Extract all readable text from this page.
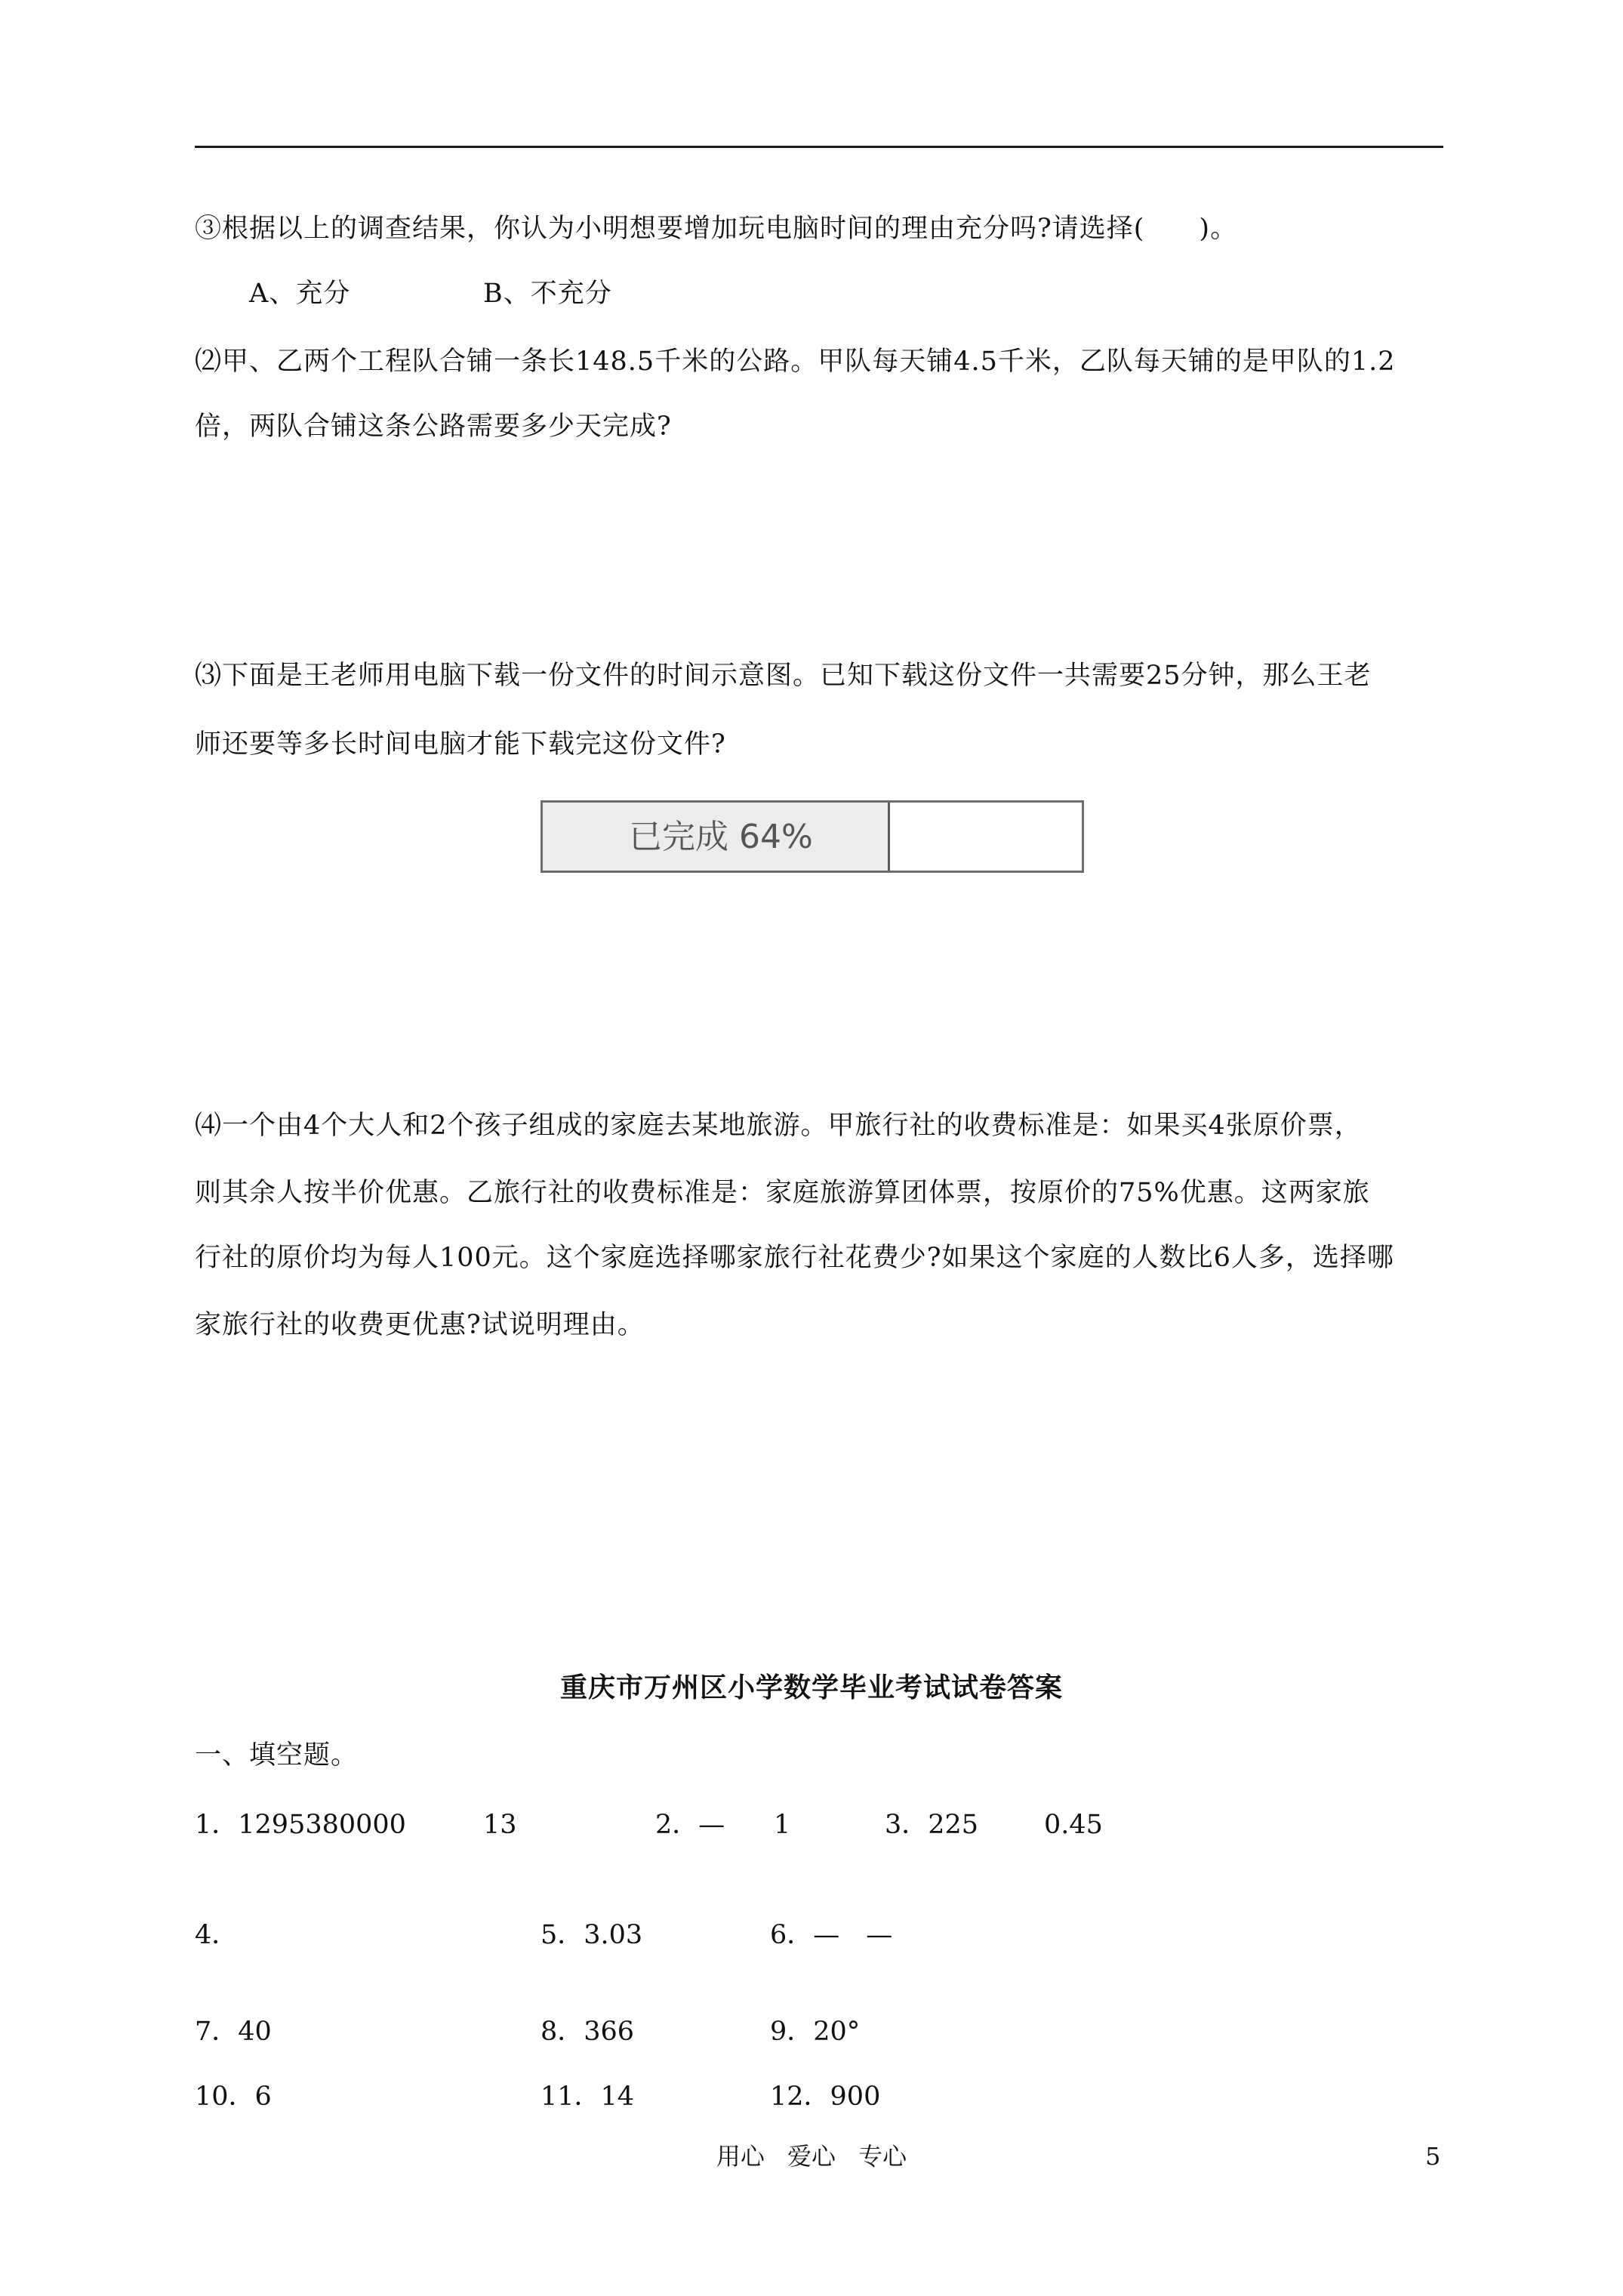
③根据以上的调查结果，你认为小明想要增加玩电脑时间的理由充分吗?请选择(　　)。
A、充分	B、不充分
⑵甲、乙两个工程队合铺一条长148.5千米的公路。甲队每天铺4.5千米，乙队每天铺的是甲队的1.2
倍，两队合铺这条公路需要多少天完成?
⑶下面是王老师用电脑下载一份文件的时间示意图。已知下载这份文件一共需要25分钟，那么王老
师还要等多长时间电脑才能下载完这份文件?
已完成 64%
⑷一个由4个大人和2个孩子组成的家庭去某地旅游。甲旅行社的收费标准是：如果买4张原价票，
则其余人按半价优惠。乙旅行社的收费标准是：家庭旅游算团体票，按原价的75%优惠。这两家旅
行社的原价均为每人100元。这个家庭选择哪家旅行社花费少?如果这个家庭的人数比6人多，选择哪
家旅行社的收费更优惠?试说明理由。
重庆市万州区小学数学毕业考试试卷答案
一、填空题。
1．1295380000	13	2．— 1	3．225 0.45
4．	5．3.03	6．—　—
7．40	8．366	9．20°
10．6	11．14	12．900
用心 爱心 专心	5
